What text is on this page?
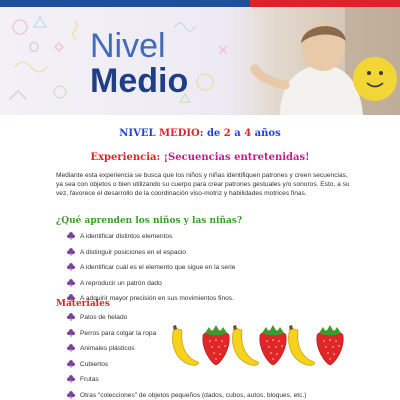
Nivel
Medio
NIVEL MEDIO: de 2 a 4 años
Experiencia: ¡Secuencias entretenidas!

Mediante esta experiencia se busca que los niños y niñas identifiquen patrones y creen secuencias, ya sea con objetos o bien utilizando su cuerpo para crear patrones gestuales y/o sonoros. Esto, a su vez, favorece el desarrollo de la coordinación viso-motriz y habilidades motrices finas.

¿Qué aprenden los niños y las niñas?
A identificar distintos elementos
A distinguir posiciones en el espacio
A identificar cuál es el elemento que sigue en la serie
A reproducir un patrón dado
A adquirir mayor precisión en sus movimientos finos.
Materiales
Palos de helado
Perros para colgar la ropa
Animales plásticos
Cubiertos
Frutas
Otras "colecciones" de objetos pequeños (dados, cubos, autos, bloques, etc.)
